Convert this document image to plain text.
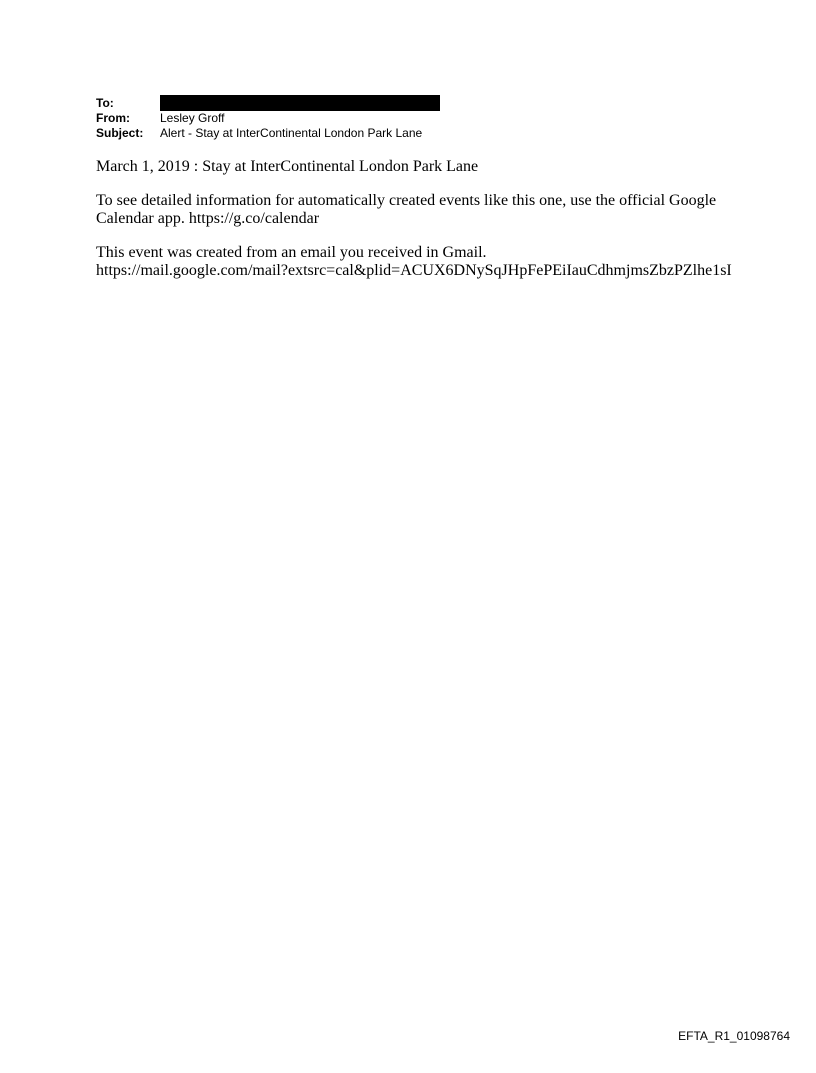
To:
From:	Lesley Groff
Subject:	Alert - Stay at InterContinental London Park Lane

March 1, 2019 : Stay at InterContinental London Park Lane

To see detailed information for automatically created events like this one, use the official Google
Calendar app. https://g.co/calendar

This event was created from an email you received in Gmail.
https://mail.google.com/mail?extsrc=cal&plid=ACUX6DNySqJHpFePEiIauCdhmjmsZbzPZlhe1sI

EFTA_R1_01098764
